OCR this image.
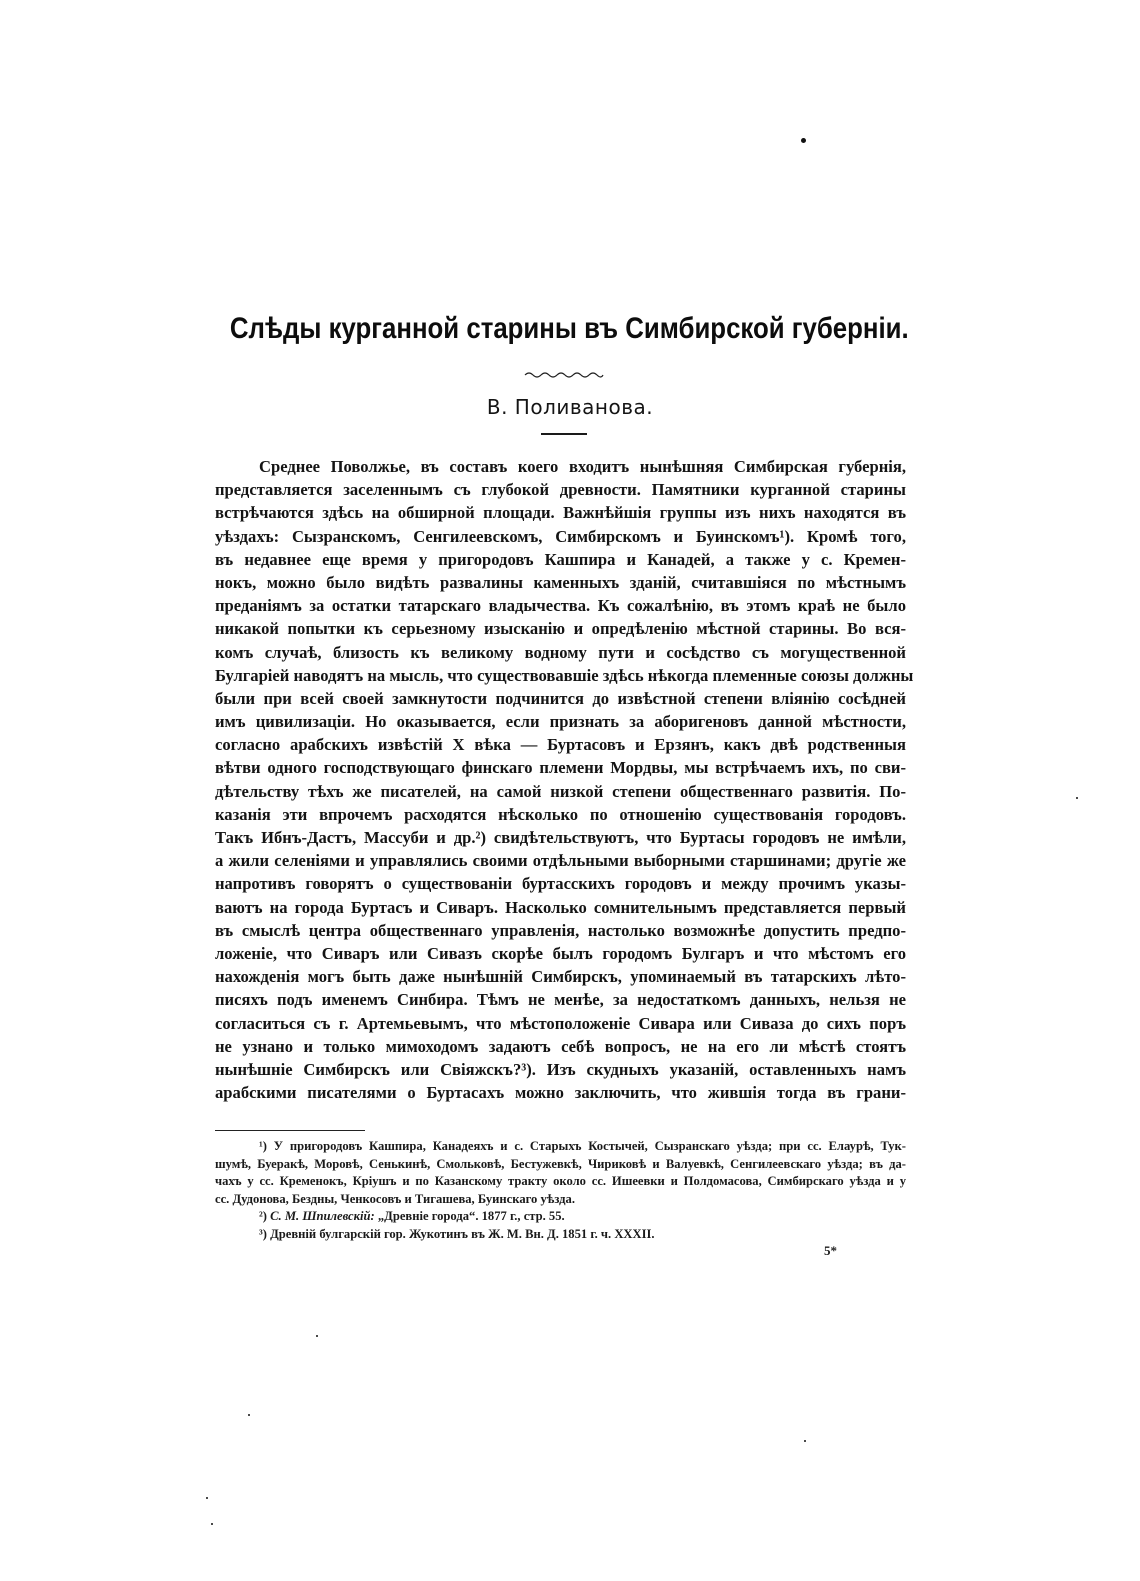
Слѣды курганной старины въ Симбирской губерніи.
В. Поливанова.
Среднее Поволжье, въ составъ коего входитъ нынѣшняя Симбирская губернія,
представляется заселеннымъ съ глубокой древности. Памятники курганной старины
встрѣчаются здѣсь на обширной площади. Важнѣйшія группы изъ нихъ находятся въ
уѣздахъ: Сызранскомъ, Сенгилеевскомъ, Симбирскомъ и Буинскомъ¹). Кромѣ того,
въ недавнее еще время у пригородовъ Кашпира и Канадей, а также у с. Кремен-
нокъ, можно было видѣть развалины каменныхъ зданій, считавшіяся по мѣстнымъ
преданіямъ за остатки татарскаго владычества. Къ сожалѣнію, въ этомъ краѣ не было
никакой попытки къ серьезному изысканію и опредѣленію мѣстной старины. Во вся-
комъ случаѣ, близость къ великому водному пути и сосѣдство съ могущественной
Булгаріей наводятъ на мысль, что существовавшіе здѣсь нѣкогда племенные союзы должны
были при всей своей замкнутости подчинится до извѣстной степени вліянію сосѣдней
имъ цивилизаціи. Но оказывается, если признать за аборигеновъ данной мѣстности,
согласно арабскихъ извѣстій X вѣка — Буртасовъ и Ерзянъ, какъ двѣ родственныя
вѣтви одного господствующаго финскаго племени Мордвы, мы встрѣчаемъ ихъ, по сви-
дѣтельству тѣхъ же писателей, на самой низкой степени общественнаго развитія. По-
казанія эти впрочемъ расходятся нѣсколько по отношенію существованія городовъ.
Такъ Ибнъ-Дастъ, Массуби и др.²) свидѣтельствуютъ, что Буртасы городовъ не имѣли,
а жили селеніями и управлялись своими отдѣльными выборными старшинами; другіе же
напротивъ говорятъ о существованіи буртасскихъ городовъ и между прочимъ указы-
ваютъ на города Буртасъ и Сиваръ. Насколько сомнительнымъ представляется первый
въ смыслѣ центра общественнаго управленія, настолько возможнѣе допустить предпо-
ложеніе, что Сиваръ или Сивазъ скорѣе былъ городомъ Булгаръ и что мѣстомъ его
нахожденія могъ быть даже нынѣшній Симбирскъ, упоминаемый въ татарскихъ лѣто-
писяхъ подъ именемъ Синбира. Тѣмъ не менѣе, за недостаткомъ данныхъ, нельзя не
согласиться съ г. Артемьевымъ, что мѣстоположеніе Сивара или Сиваза до сихъ поръ
не узнано и только мимоходомъ задаютъ себѣ вопросъ, не на его ли мѣстѣ стоятъ
нынѣшніе Симбирскъ или Свіяжскъ?³). Изъ скудныхъ указаній, оставленныхъ намъ
арабскими писателями о Буртасахъ можно заключить, что жившія тогда въ грани-
¹) У пригородовъ Кашпира, Канадеяхъ и с. Старыхъ Костычей, Сызранскаго уѣзда; при сс. Елаурѣ, Тук-
шумѣ, Буеракѣ, Моровѣ, Сенькинѣ, Смольковѣ, Бестужевкѣ, Чириковѣ и Валуевкѣ, Сенгилеевскаго уѣзда; въ да-
чахъ у сс. Кременокъ, Кріушъ и по Казанскому тракту около сс. Ишеевки и Полдомасова, Симбирскаго уѣзда и у
сс. Дудонова, Бездны, Ченкосовъ и Тигашева, Буинскаго уѣзда.
²) С. М. Шпилевскій: „Древніе города“. 1877 г., стр. 55.
³) Древній булгарскій гор. Жукотинъ въ Ж. М. Вн. Д. 1851 г. ч. XXXII.
5*
